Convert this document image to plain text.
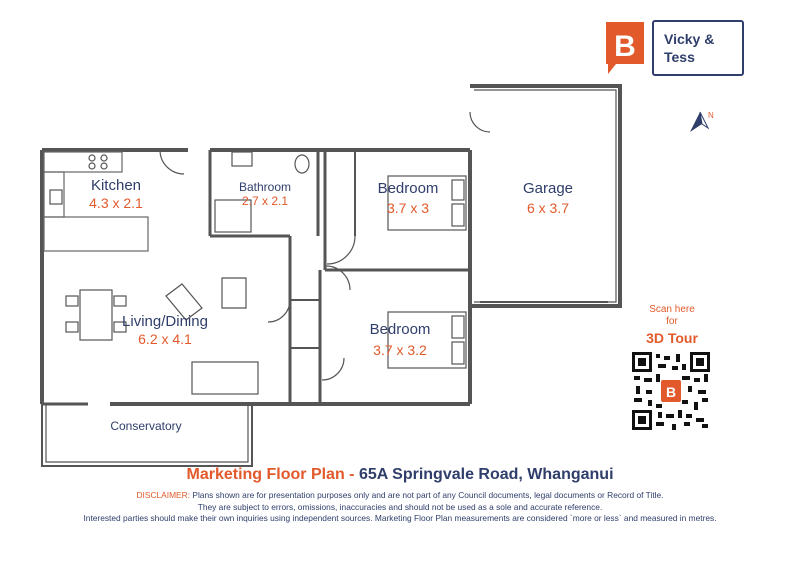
B Vicky &
Tess
N
Kitchen
4.3 x 2.1
Bathroom
2.7 x 2.1
Bedroom
3.7 x 3
Garage
6 x 3.7
Living/Dining
6.2 x 4.1
Bedroom
3.7 x 3.2
Conservatory
Scan here
for
3D Tour
B
Marketing Floor Plan - 65A Springvale Road, Whanganui
DISCLAIMER: Plans shown are for presentation purposes only and are not part of any Council documents, legal documents or Record of Title.
They are subject to errors, omissions, inaccuracies and should not be used as a sole and accurate reference.
Interested parties should make their own inquiries using independent sources. Marketing Floor Plan measurements are considered `more or less` and measured in metres.
